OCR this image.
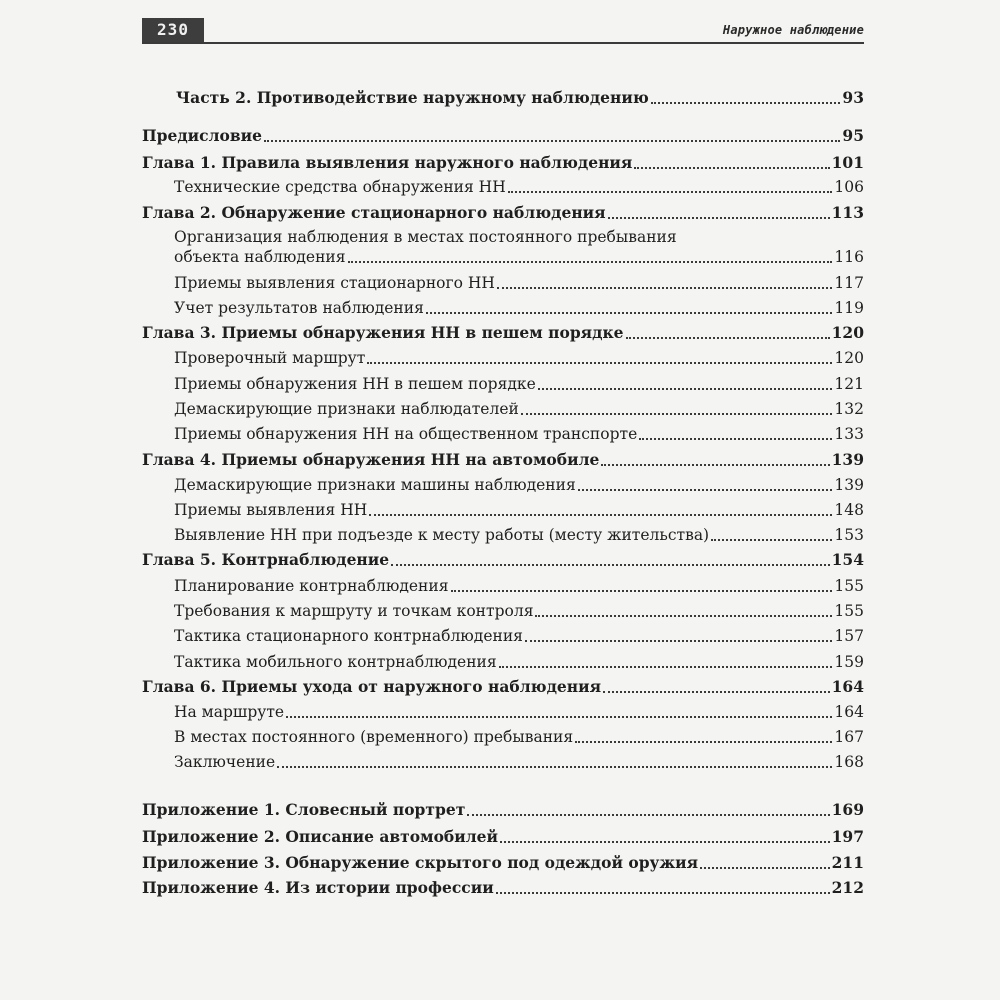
230	Наружное наблюдение
Часть 2. Противодействие наружному наблюдению	93
Предисловие	95
Глава 1. Правила выявления наружного наблюдения	101
Технические средства обнаружения НН	106
Глава 2. Обнаружение стационарного наблюдения	113
Организация наблюдения в местах постоянного пребывания
объекта наблюдения	116
Приемы выявления стационарного НН	117
Учет результатов наблюдения	119
Глава 3. Приемы обнаружения НН в пешем порядке	120
Проверочный маршрут	120
Приемы обнаружения НН в пешем порядке	121
Демаскирующие признаки наблюдателей	132
Приемы обнаружения НН на общественном транспорте	133
Глава 4. Приемы обнаружения НН на автомобиле	139
Демаскирующие признаки машины наблюдения	139
Приемы выявления НН	148
Выявление НН при подъезде к месту работы (месту жительства)	153
Глава 5. Контрнаблюдение	154
Планирование контрнаблюдения	155
Требования к маршруту и точкам контроля	155
Тактика стационарного контрнаблюдения	157
Тактика мобильного контрнаблюдения	159
Глава 6. Приемы ухода от наружного наблюдения	164
На маршруте	164
В местах постоянного (временного) пребывания	167
Заключение	168
Приложение 1. Словесный портрет	169
Приложение 2. Описание автомобилей	197
Приложение 3. Обнаружение скрытого под одеждой оружия	211
Приложение 4. Из истории профессии	212
